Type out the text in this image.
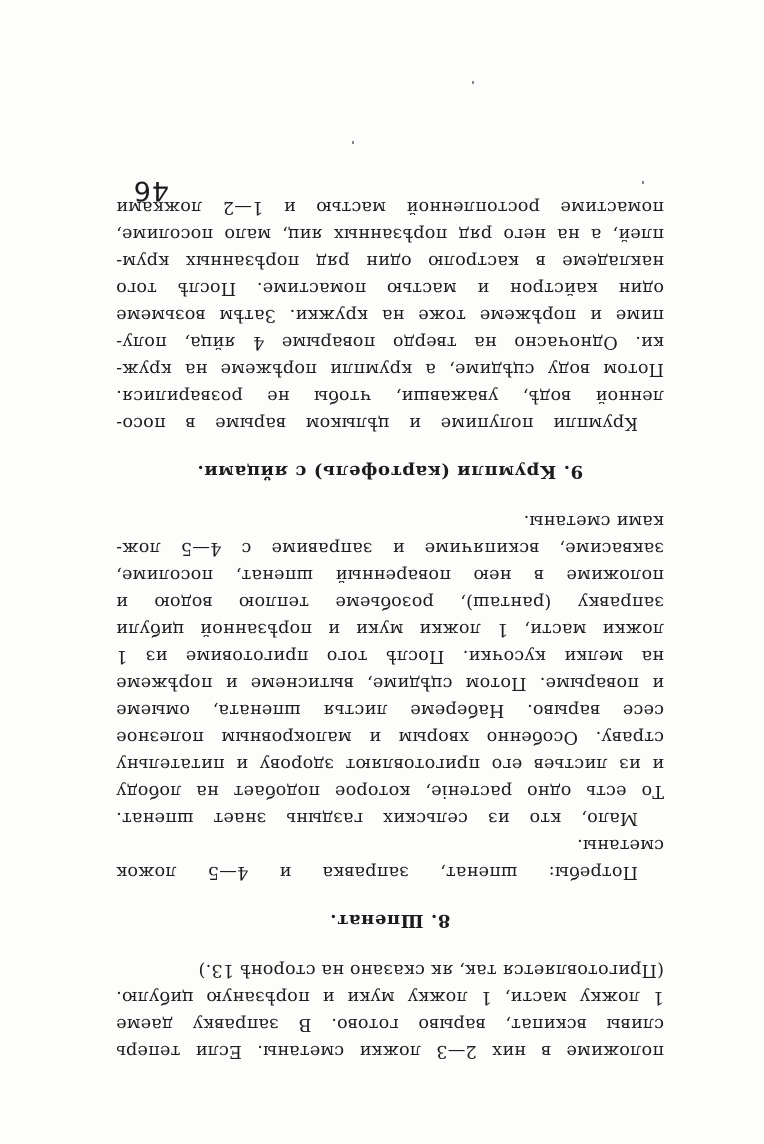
положиме в них 2—3 ложки сметаны. Если теперь
сливы вскипат, варыво готово. В заправку даеме
1 ложку масти, 1 ложку муки и порѣзаную цибулю.
(Приготовляется так, як сказано на сторонѣ 13.)
8. Шпенат.
Потребы: шпенат, заправка и 4—5 ложок
сметаны.
Мало, кто из сельских газдынь знает шпенат.
То есть одно растеніе, которое подобает на лободу
и из листьев его приготовляют здорову и питательну
страву. Особенно хворым и малокровным полезное
сесе варыво. Наберeме листья шпената, омыеме
и поварыме. Потом сцѣдиме, вытиснеме и порѣжеме
на мелки кусочки. Послѣ того приготовиме из 1
ложки масти, 1 ложки муки и порѣзанной цибули
заправку (ранташ), розобьеме теплою водою и
положиме в нею поваренный шпенат, посолиме,
заквасиме, вскипячиме и заправиме с 4—5 лож-
ками сметаны.
9. Крумпли (картофель) с яйцами.
Крумпли полупиме и цѣлыком варыме в посо-
ленной водѣ, уважавши, чтобы не розварилися.
Потом воду сцѣдиме, а крумпли порѣжеме на круж-
ки. Одночасно на твердо поварыме 4 яйца, полу-
пиме и порѣжеме тоже на кружки. Затѣм возьмеме
один кайстрон и мастью помастиме. Послѣ того
накладеме в кастролю один ряд порѣзанных крум-
плей, а на него ряд порѣзанных яиц, мало посолиме,
помастиме ростопленной мастью и 1—2 ложками
46
